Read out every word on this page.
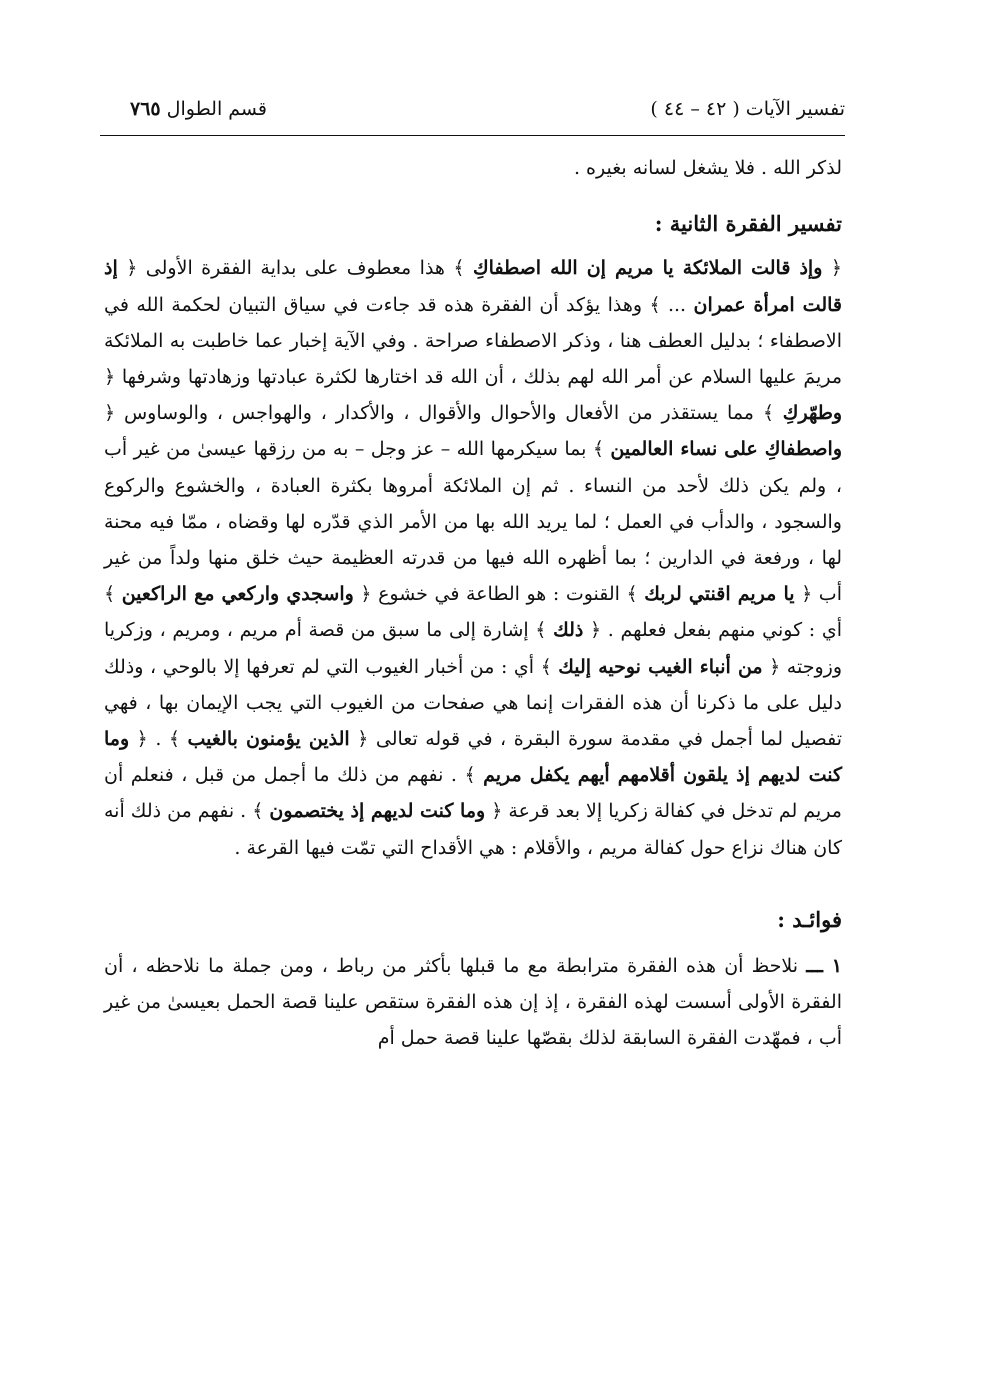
تفسير الآيات ( ٤٢ – ٤٤ )
قسم الطوال ٧٦٥

لذكر الله . فلا يشغل لسانه بغيره .

تفسير الفقرة الثانية :

﴿ وإذ قالت الملائكة يا مريم إن الله اصطفاكِ ﴾ هذا معطوف على بداية الفقرة الأولى ﴿ إذ قالت امرأة عمران ... ﴾ وهذا يؤكد أن الفقرة هذه قد جاءت في سياق التبيان لحكمة الله في الاصطفاء ؛ بدليل العطف هنا ، وذكر الاصطفاء صراحة . وفي الآية إخبار عما خاطبت به الملائكة مريمَ عليها السلام عن أمر الله لهم بذلك ، أن الله قد اختارها لكثرة عبادتها وزهادتها وشرفها ﴿ وطهّركِ ﴾ مما يستقذر من الأفعال والأحوال والأقوال ، والأكدار ، والهواجس ، والوساوس ﴿ واصطفاكِ على نساء العالمين ﴾ بما سيكرمها الله – عز وجل – به من رزقها عيسىٰ من غير أب ، ولم يكن ذلك لأحد من النساء . ثم إن الملائكة أمروها بكثرة العبادة ، والخشوع والركوع والسجود ، والدأب في العمل ؛ لما يريد الله بها من الأمر الذي قدّره لها وقضاه ، ممّا فيه محنة لها ، ورفعة في الدارين ؛ بما أظهره الله فيها من قدرته العظيمة حيث خلق منها ولداً من غير أب ﴿ يا مريم اقنتي لربك ﴾ القنوت : هو الطاعة في خشوع ﴿ واسجدي واركعي مع الراكعين ﴾ أي : كوني منهم بفعل فعلهم . ﴿ ذلك ﴾ إشارة إلى ما سبق من قصة أم مريم ، ومريم ، وزكريا وزوجته ﴿ من أنباء الغيب نوحيه إليك ﴾ أي : من أخبار الغيوب التي لم تعرفها إلا بالوحي ، وذلك دليل على ما ذكرنا أن هذه الفقرات إنما هي صفحات من الغيوب التي يجب الإيمان بها ، فهي تفصيل لما أجمل في مقدمة سورة البقرة ، في قوله تعالى ﴿ الذين يؤمنون بالغيب ﴾ . ﴿ وما كنت لديهم إذ يلقون أقلامهم أيهم يكفل مريم ﴾ . نفهم من ذلك ما أجمل من قبل ، فنعلم أن مريم لم تدخل في كفالة زكريا إلا بعد قرعة ﴿ وما كنت لديهم إذ يختصمون ﴾ . نفهم من ذلك أنه كان هناك نزاع حول كفالة مريم ، والأقلام : هي الأقداح التي تمّت فيها القرعة .

فوائـد :

١ ـــ نلاحظ أن هذه الفقرة مترابطة مع ما قبلها بأكثر من رباط ، ومن جملة ما نلاحظه ، أن الفقرة الأولى أسست لهذه الفقرة ، إذ إن هذه الفقرة ستقص علينا قصة الحمل بعيسىٰ من غير أب ، فمهّدت الفقرة السابقة لذلك بقصّها علينا قصة حمل أم
